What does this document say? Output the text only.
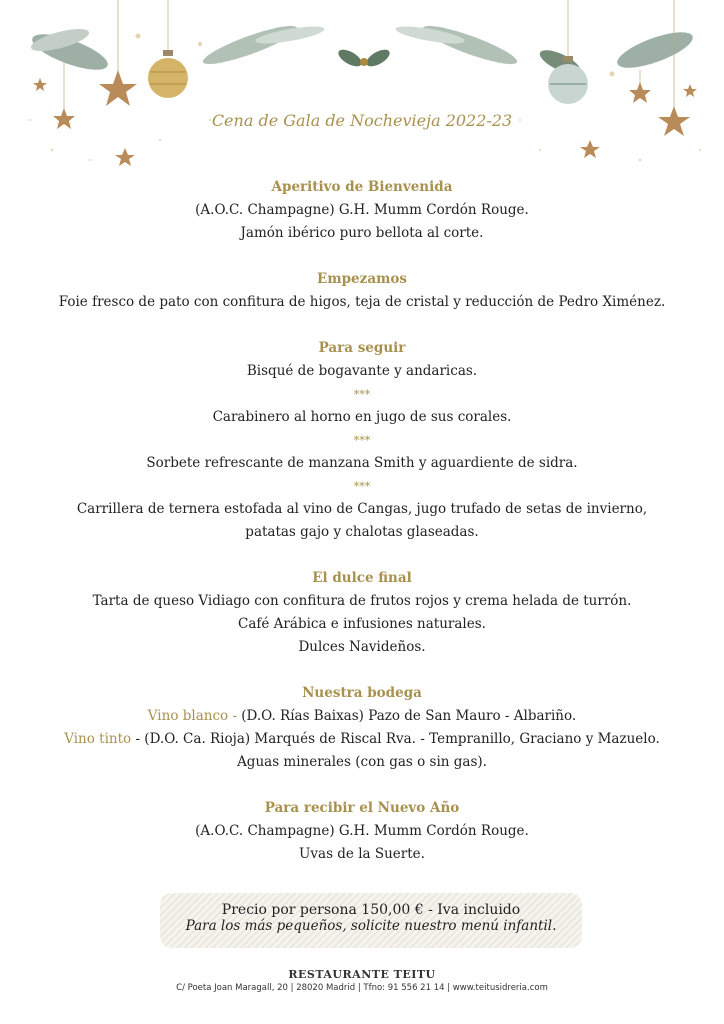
Cena de Gala de Nochevieja 2022-23
Aperitivo de Bienvenida
(A.O.C. Champagne) G.H. Mumm Cordón Rouge.
Jamón ibérico puro bellota al corte.
Empezamos
Foie fresco de pato con confitura de higos, teja de cristal y reducción de Pedro Ximénez.
Para seguir
Bisqué de bogavante y andaricas.
***
Carabinero al horno en jugo de sus corales.
***
Sorbete refrescante de manzana Smith y aguardiente de sidra.
***
Carrillera de ternera estofada al vino de Cangas, jugo trufado de setas de invierno,
patatas gajo y chalotas glaseadas.
El dulce final
Tarta de queso Vidiago con confitura de frutos rojos y crema helada de turrón.
Café Arábica e infusiones naturales.
Dulces Navideños.
Nuestra bodega
Vino blanco - (D.O. Rías Baixas) Pazo de San Mauro - Albariño.
Vino tinto - (D.O. Ca. Rioja) Marqués de Riscal Rva. - Tempranillo, Graciano y Mazuelo.
Aguas minerales (con gas o sin gas).
Para recibir el Nuevo Año
(A.O.C. Champagne) G.H. Mumm Cordón Rouge.
Uvas de la Suerte.
Precio por persona 150,00 € - Iva incluido
Para los más pequeños, solicite nuestro menú infantil.
RESTAURANTE TEITU
C/ Poeta Joan Maragall, 20 | 28020 Madrid | Tfno: 91 556 21 14 | www.teitusidreria.com
